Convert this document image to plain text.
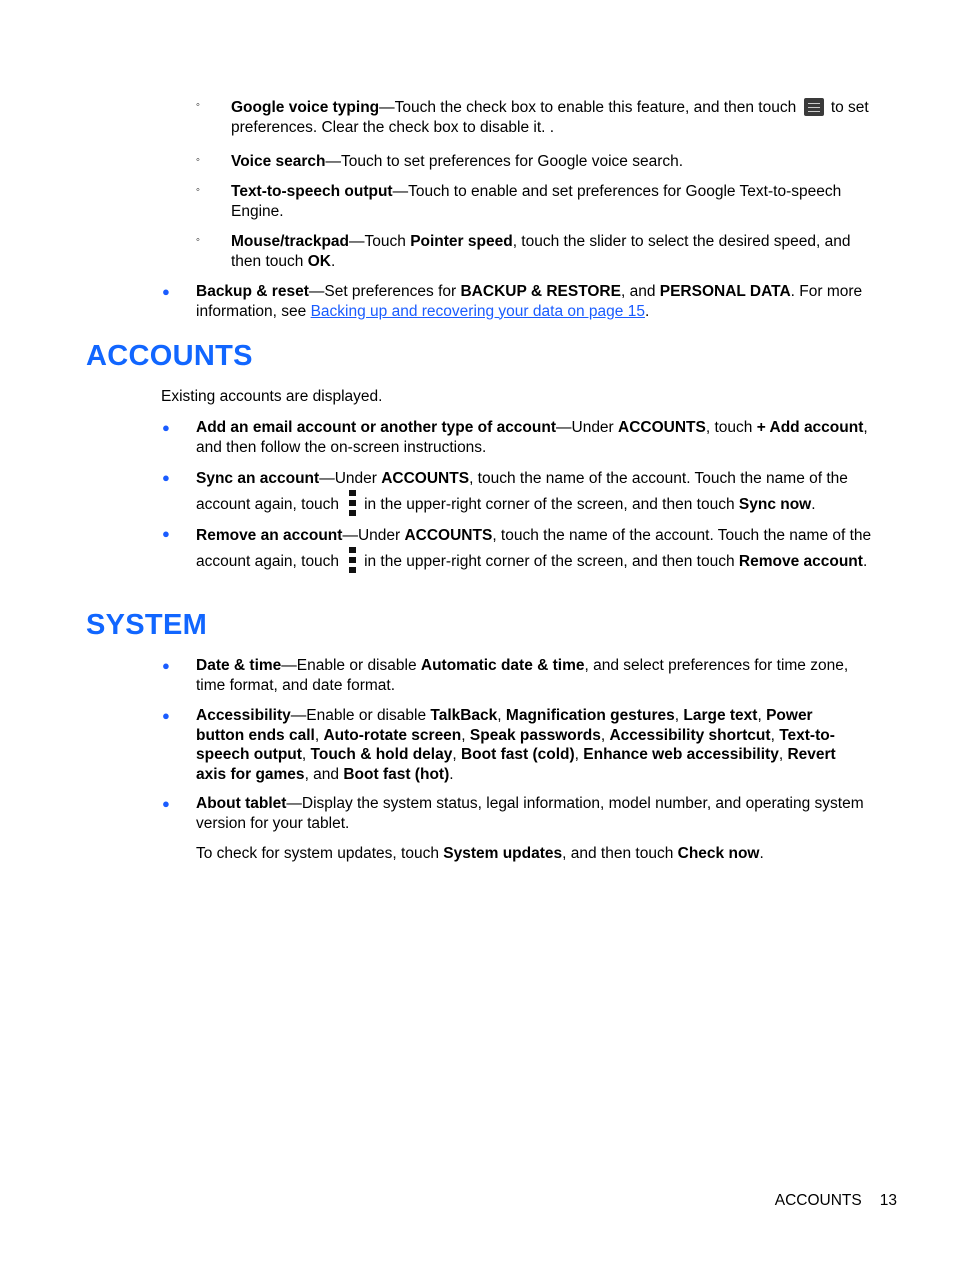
◦ Google voice typing—Touch the check box to enable this feature, and then touch to set preferences. Clear the check box to disable it. .
◦ Voice search—Touch to set preferences for Google voice search.
◦ Text-to-speech output—Touch to enable and set preferences for Google Text-to-speech Engine.
◦ Mouse/trackpad—Touch Pointer speed, touch the slider to select the desired speed, and then touch OK.
● Backup & reset—Set preferences for BACKUP & RESTORE, and PERSONAL DATA. For more information, see Backing up and recovering your data on page 15.
ACCOUNTS
Existing accounts are displayed.
● Add an email account or another type of account—Under ACCOUNTS, touch + Add account, and then follow the on-screen instructions.
● Sync an account—Under ACCOUNTS, touch the name of the account. Touch the name of the account again, touch in the upper-right corner of the screen, and then touch Sync now.
● Remove an account—Under ACCOUNTS, touch the name of the account. Touch the name of the account again, touch in the upper-right corner of the screen, and then touch Remove account.
SYSTEM
● Date & time—Enable or disable Automatic date & time, and select preferences for time zone, time format, and date format.
● Accessibility—Enable or disable TalkBack, Magnification gestures, Large text, Power button ends call, Auto-rotate screen, Speak passwords, Accessibility shortcut, Text-to-speech output, Touch & hold delay, Boot fast (cold), Enhance web accessibility, Revert axis for games, and Boot fast (hot).
● About tablet—Display the system status, legal information, model number, and operating system version for your tablet.
To check for system updates, touch System updates, and then touch Check now.
ACCOUNTS 13
